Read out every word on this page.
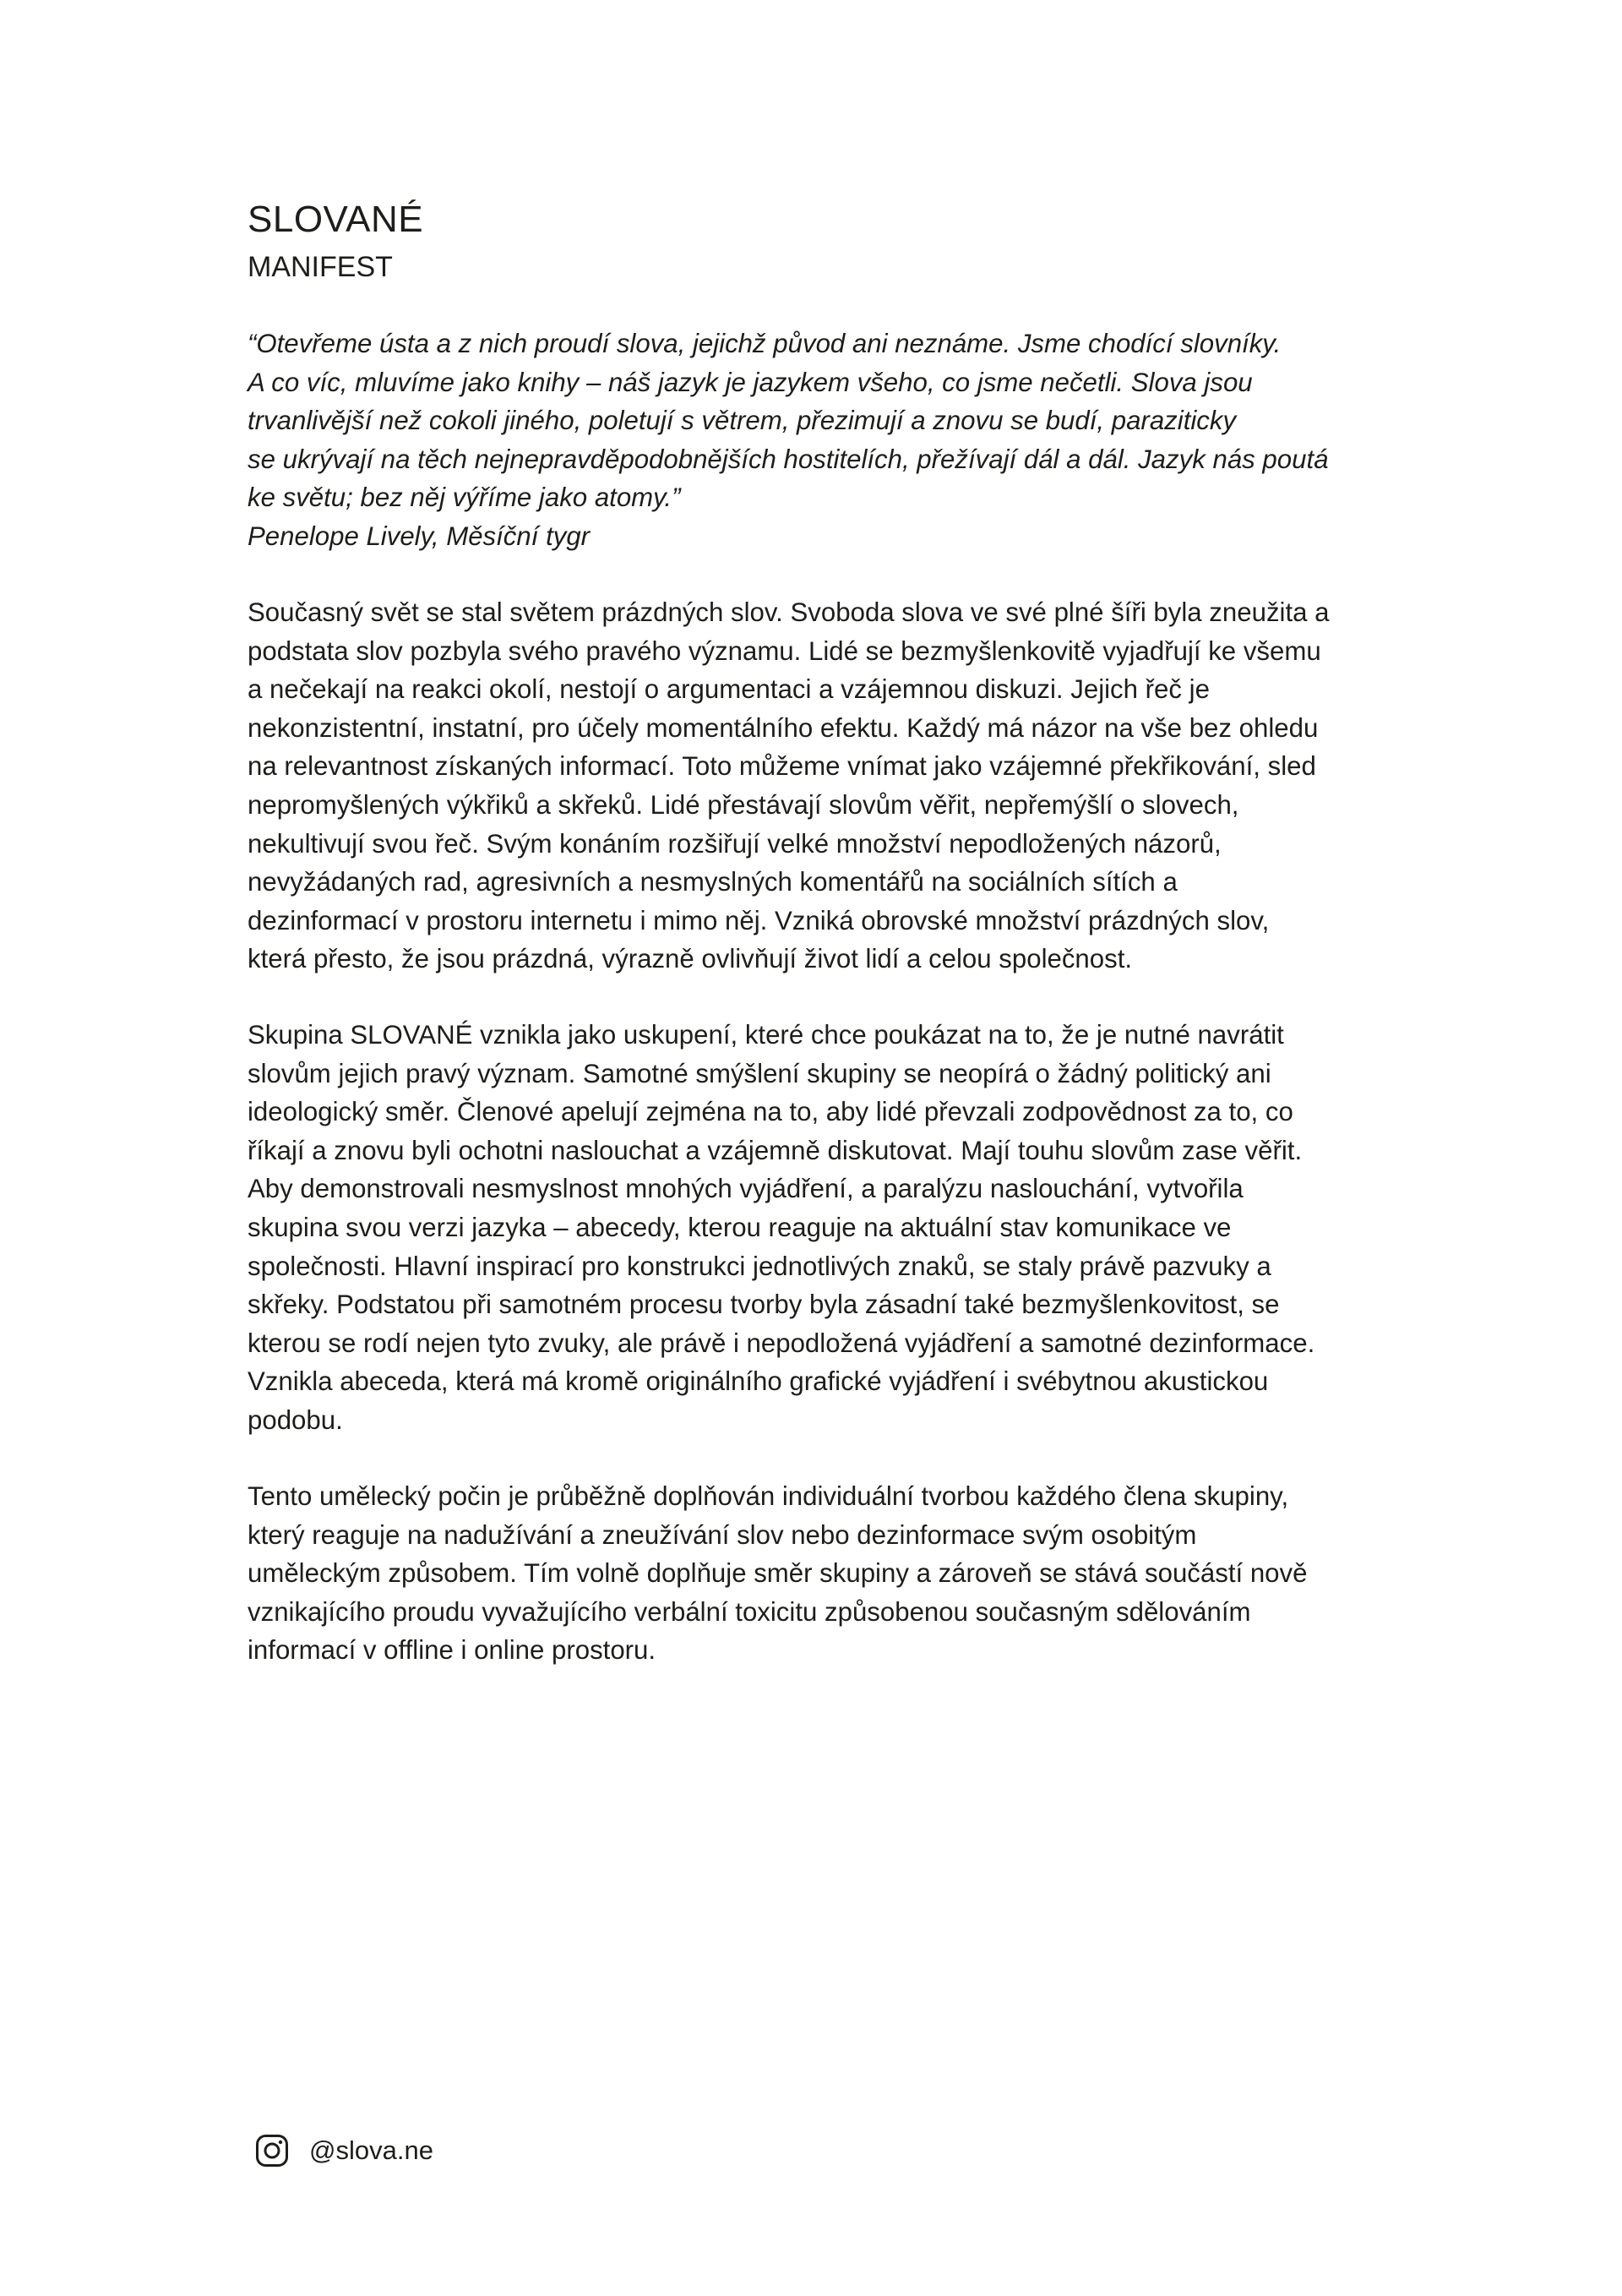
SLOVANÉ
MANIFEST
“Otevřeme ústa a z nich proudí slova, jejichž původ ani neznáme. Jsme chodící slovníky.
A co víc, mluvíme jako knihy – náš jazyk je jazykem všeho, co jsme nečetli. Slova jsou
trvanlivější než cokoli jiného, poletují s větrem, přezimují a znovu se budí, paraziticky
se ukrývají na těch nejnepravděpodobnějších hostitelích, přežívají dál a dál. Jazyk nás poutá
ke světu; bez něj výříme jako atomy.”
Penelope Lively, Měsíční tygr
Současný svět se stal světem prázdných slov. Svoboda slova ve své plné šíři byla zneužita a
podstata slov pozbyla svého pravého významu. Lidé se bezmyšlenkovitě vyjadřují ke všemu
a nečekají na reakci okolí, nestojí o argumentaci a vzájemnou diskuzi. Jejich řeč je
nekonzistentní, instatní, pro účely momentálního efektu. Každý má názor na vše bez ohledu
na relevantnost získaných informací. Toto můžeme vnímat jako vzájemné překřikování, sled
nepromyšlených výkřiků a skřeků. Lidé přestávají slovům věřit, nepřemýšlí o slovech,
nekultivují svou řeč. Svým konáním rozšiřují velké množství nepodložených názorů,
nevyžádaných rad, agresivních a nesmyslných komentářů na sociálních sítích a
dezinformací v prostoru internetu i mimo něj. Vzniká obrovské množství prázdných slov,
která přesto, že jsou prázdná, výrazně ovlivňují život lidí a celou společnost.
Skupina SLOVANÉ vznikla jako uskupení, které chce poukázat na to, že je nutné navrátit
slovům jejich pravý význam. Samotné smýšlení skupiny se neopírá o žádný politický ani
ideologický směr. Členové apelují zejména na to, aby lidé převzali zodpovědnost za to, co
říkají a znovu byli ochotni naslouchat a vzájemně diskutovat. Mají touhu slovům zase věřit.
Aby demonstrovali nesmyslnost mnohých vyjádření, a paralýzu naslouchání, vytvořila
skupina svou verzi jazyka – abecedy, kterou reaguje na aktuální stav komunikace ve
společnosti. Hlavní inspirací pro konstrukci jednotlivých znaků, se staly právě pazvuky a
skřeky. Podstatou při samotném procesu tvorby byla zásadní také bezmyšlenkovitost, se
kterou se rodí nejen tyto zvuky, ale právě i nepodložená vyjádření a samotné dezinformace.
Vznikla abeceda, která má kromě originálního grafické vyjádření i svébytnou akustickou
podobu.
Tento umělecký počin je průběžně doplňován individuální tvorbou každého člena skupiny,
který reaguje na nadužívání a zneužívání slov nebo dezinformace svým osobitým
uměleckým způsobem. Tím volně doplňuje směr skupiny a zároveň se stává součástí nově
vznikajícího proudu vyvažujícího verbální toxicitu způsobenou současným sdělováním
informací v offline i online prostoru.
@slova.ne
